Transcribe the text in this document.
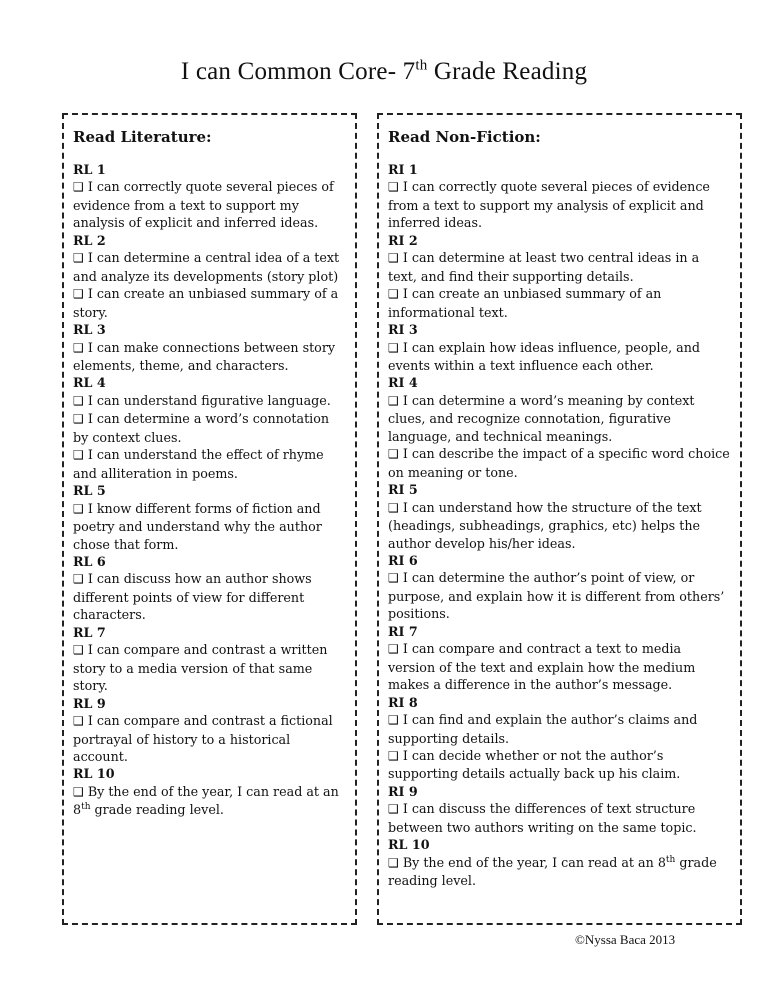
I can Common Core- 7th Grade Reading
Read Literature:
RL 1
❑ I can correctly quote several pieces of evidence from a text to support my analysis of explicit and inferred ideas.
RL 2
❑ I can determine a central idea of a text and analyze its developments (story plot)
❑ I can create an unbiased summary of a story.
RL 3
❑ I can make connections between story elements, theme, and characters.
RL 4
❑ I can understand figurative language.
❑ I can determine a word’s connotation by context clues.
❑ I can understand the effect of rhyme and alliteration in poems.
RL 5
❑ I know different forms of fiction and poetry and understand why the author chose that form.
RL 6
❑ I can discuss how an author shows different points of view for different characters.
RL 7
❑ I can compare and contrast a written story to a media version of that same story.
RL 9
❑ I can compare and contrast a fictional portrayal of history to a historical account.
RL 10
❑ By the end of the year, I can read at an 8th grade reading level.
Read Non-Fiction:
RI 1
❑ I can correctly quote several pieces of evidence from a text to support my analysis of explicit and inferred ideas.
RI 2
❑ I can determine at least two central ideas in a text, and find their supporting details.
❑ I can create an unbiased summary of an informational text.
RI 3
❑ I can explain how ideas influence, people, and events within a text influence each other.
RI 4
❑ I can determine a word’s meaning by context clues, and recognize connotation, figurative language, and technical meanings.
❑ I can describe the impact of a specific word choice on meaning or tone.
RI 5
❑ I can understand how the structure of the text (headings, subheadings, graphics, etc) helps the author develop his/her ideas.
RI 6
❑ I can determine the author’s point of view, or purpose, and explain how it is different from others’ positions.
RI 7
❑ I can compare and contract a text to media version of the text and explain how the medium makes a difference in the author’s message.
RI 8
❑ I can find and explain the author’s claims and supporting details.
❑ I can decide whether or not the author’s supporting details actually back up his claim.
RI 9
❑ I can discuss the differences of text structure between two authors writing on the same topic.
RL 10
❑ By the end of the year, I can read at an 8th grade reading level.
©Nyssa Baca 2013
